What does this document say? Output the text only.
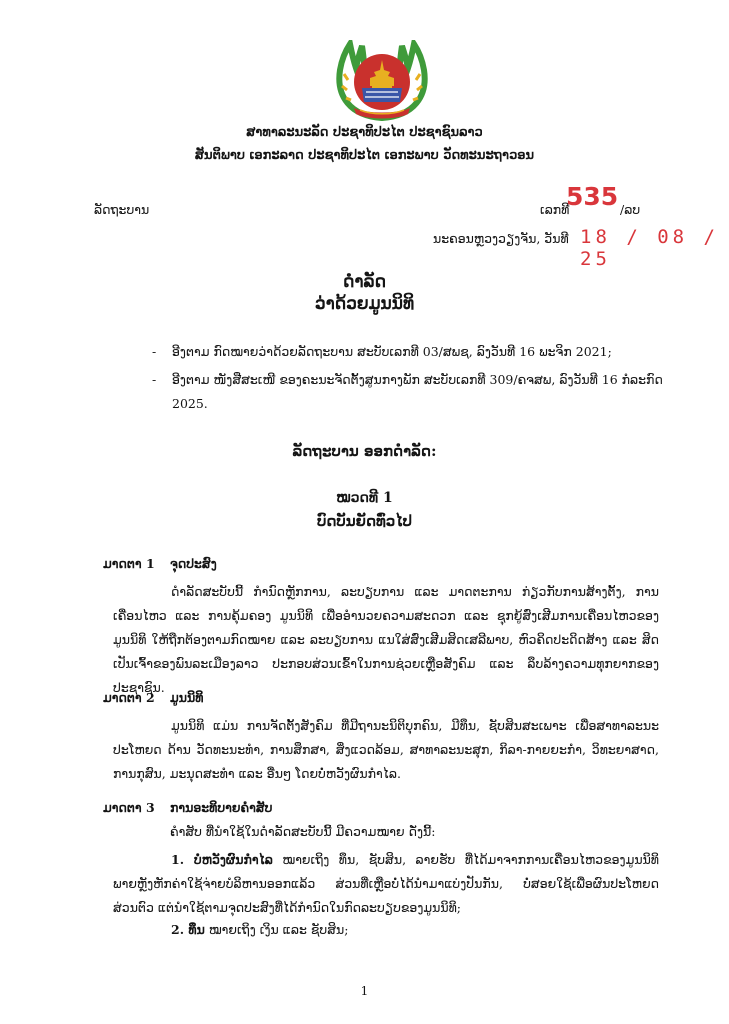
ສາທາລະນະລັດ ປະຊາທິປະໄຕ ປະຊາຊົນລາວ
ສັນຕິພາບ ເອກະລາດ ປະຊາທິປະໄຕ ເອກະພາບ ວັດທະນະຖາວອນ
ລັດຖະບານ	ເລກທີ
535 /ລບ
ນະຄອນຫຼວງວຽງຈັນ, ວັນທີ 18 / 08 / 25
ດຳລັດ
ວ່າດ້ວຍມູນນິທິ
- ອີງຕາມ ກົດໝາຍວ່າດ້ວຍລັດຖະບານ ສະບັບເລກທີ 03/ສພຊ, ລົງວັນທີ 16 ພະຈິກ 2021;
- ອີງຕາມ ໜັງສືສະເໜີ ຂອງຄະນະຈັດຕັ້ງສູນກາງພັກ ສະບັບເລກທີ 309/ຄຈສພ, ລົງວັນທີ 16 ກໍລະກົດ 2025.
ລັດຖະບານ ອອກດຳລັດ:
ໝວດທີ 1
ບົດບັນຍັດທົ່ວໄປ
ມາດຕາ 1 ຈຸດປະສົງ

ດຳລັດສະບັບນີ້ ກຳນົດຫຼັກການ, ລະບຽບການ ແລະ ມາດຕະການ ກ່ຽວກັບການສ້າງຕັ້ງ, ການເຄື່ອນໄຫວ ແລະ ການຄຸ້ມຄອງ ມູນນິທິ ເພື່ອອຳນວຍຄວາມສະດວກ ແລະ ຊຸກຍູ້ສົ່ງເສີມການເຄື່ອນໄຫວຂອງມູນນິທິ ໃຫ້ຖືກຕ້ອງຕາມກົດໝາຍ ແລະ ລະບຽບການ ແນໃສ່ສົ່ງເສີມສິດເສລີພາບ, ຫົວຄິດປະດິດສ້າງ ແລະ ສິດເປັນເຈົ້າຂອງພົນລະເມືອງລາວ ປະກອບສ່ວນເຂົ້າໃນການຊ່ວຍເຫຼືອສັງຄົມ ແລະ ລຶບລ້າງຄວາມທຸກຍາກຂອງປະຊາຊົນ.

ມາດຕາ 2 ມູນນິທິ

ມູນນິທິ ແມ່ນ ການຈັດຕັ້ງສັງຄົມ ທີ່ມີຖານະນິຕິບຸກຄົນ, ມີທຶນ, ຊັບສິນສະເພາະ ເພື່ອສາທາລະນະປະໂຫຍດ ດ້ານ ວັດທະນະທຳ, ການສຶກສາ, ສິ່ງແວດລ້ອມ, ສາທາລະນະສຸກ, ກິລາ-ກາຍຍະກຳ, ວິທະຍາສາດ, ການກຸສົນ, ມະນຸດສະທຳ ແລະ ອື່ນໆ ໂດຍບໍ່ຫວັງຜົນກຳໄລ.

ມາດຕາ 3 ການອະທິບາຍຄຳສັບ
ຄຳສັບ ທີ່ນຳໃຊ້ໃນດຳລັດສະບັບນີ້ ມີຄວາມໝາຍ ດັ່ງນີ້:

1. ບໍ່ຫວັງຜົນກຳໄລ ໝາຍເຖິງ ທຶນ, ຊັບສິນ, ລາຍຮັບ ທີ່ໄດ້ມາຈາກການເຄື່ອນໄຫວຂອງມູນນິທິ ພາຍຫຼັງຫັກຄ່າໃຊ້ຈ່າຍບໍລິຫານອອກແລ້ວ ສ່ວນທີ່ເຫຼືອບໍ່ໄດ້ນຳມາແບ່ງປັນກັນ, ບໍ່ສອຍໃຊ້ເພື່ອຜົນປະໂຫຍດສ່ວນຕົວ ແຕ່ນຳໃຊ້ຕາມຈຸດປະສົງທີ່ໄດ້ກຳນົດໃນກົດລະບຽບຂອງມູນນິທິ;

2. ທຶນ ໝາຍເຖິງ ເງິນ ແລະ ຊັບສິນ;

1
